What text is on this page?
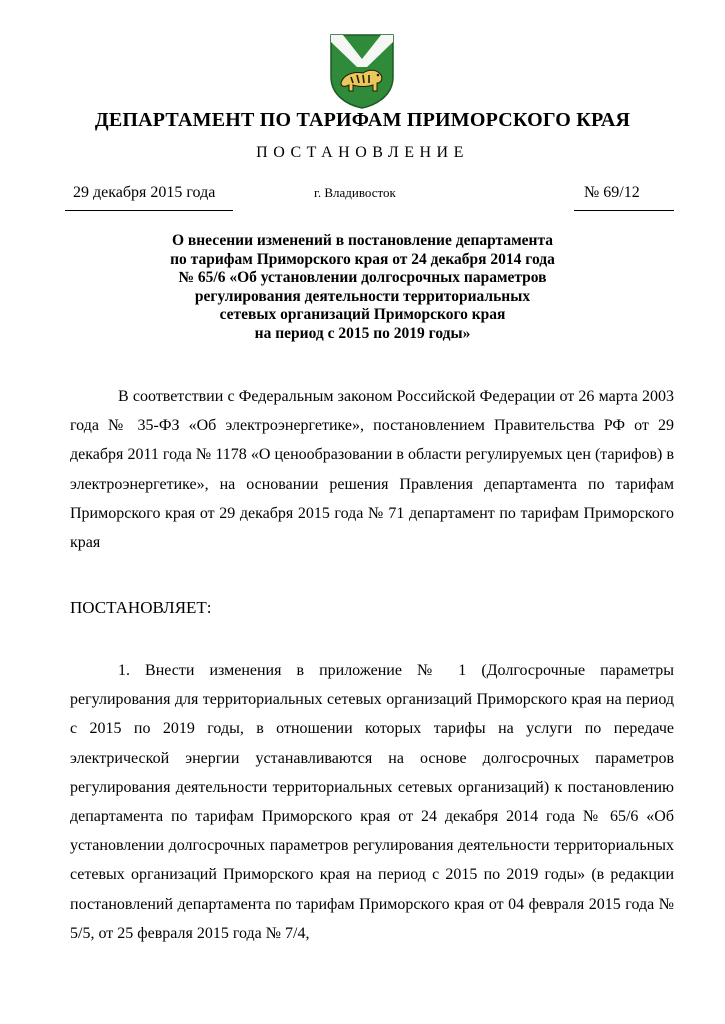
ДЕПАРТАМЕНТ ПО ТАРИФАМ ПРИМОРСКОГО КРАЯ
ПОСТАНОВЛЕНИЕ
29 декабря 2015 года	г. Владивосток	№ 69/12
О внесении изменений в постановление департамента
по тарифам Приморского края от 24 декабря 2014 года
№ 65/6 «Об установлении долгосрочных параметров
регулирования деятельности территориальных
сетевых организаций Приморского края
на период с 2015 по 2019 годы»
В соответствии с Федеральным законом Российской Федерации от 26 марта 2003 года № 35-ФЗ «Об электроэнергетике», постановлением Правительства РФ от 29 декабря 2011 года № 1178 «О ценообразовании в области регулируемых цен (тарифов) в электроэнергетике», на основании решения Правления департамента по тарифам Приморского края от 29 декабря 2015 года № 71 департамент по тарифам Приморского края
ПОСТАНОВЛЯЕТ:
1. Внести изменения в приложение № 1 (Долгосрочные параметры регулирования для территориальных сетевых организаций Приморского края на период с 2015 по 2019 годы, в отношении которых тарифы на услуги по передаче электрической энергии устанавливаются на основе долгосрочных параметров регулирования деятельности территориальных сетевых организаций) к постановлению департамента по тарифам Приморского края от 24 декабря 2014 года № 65/6 «Об установлении долгосрочных параметров регулирования деятельности территориальных сетевых организаций Приморского края на период с 2015 по 2019 годы» (в редакции постановлений департамента по тарифам Приморского края от 04 февраля 2015 года № 5/5, от 25 февраля 2015 года № 7/4,
